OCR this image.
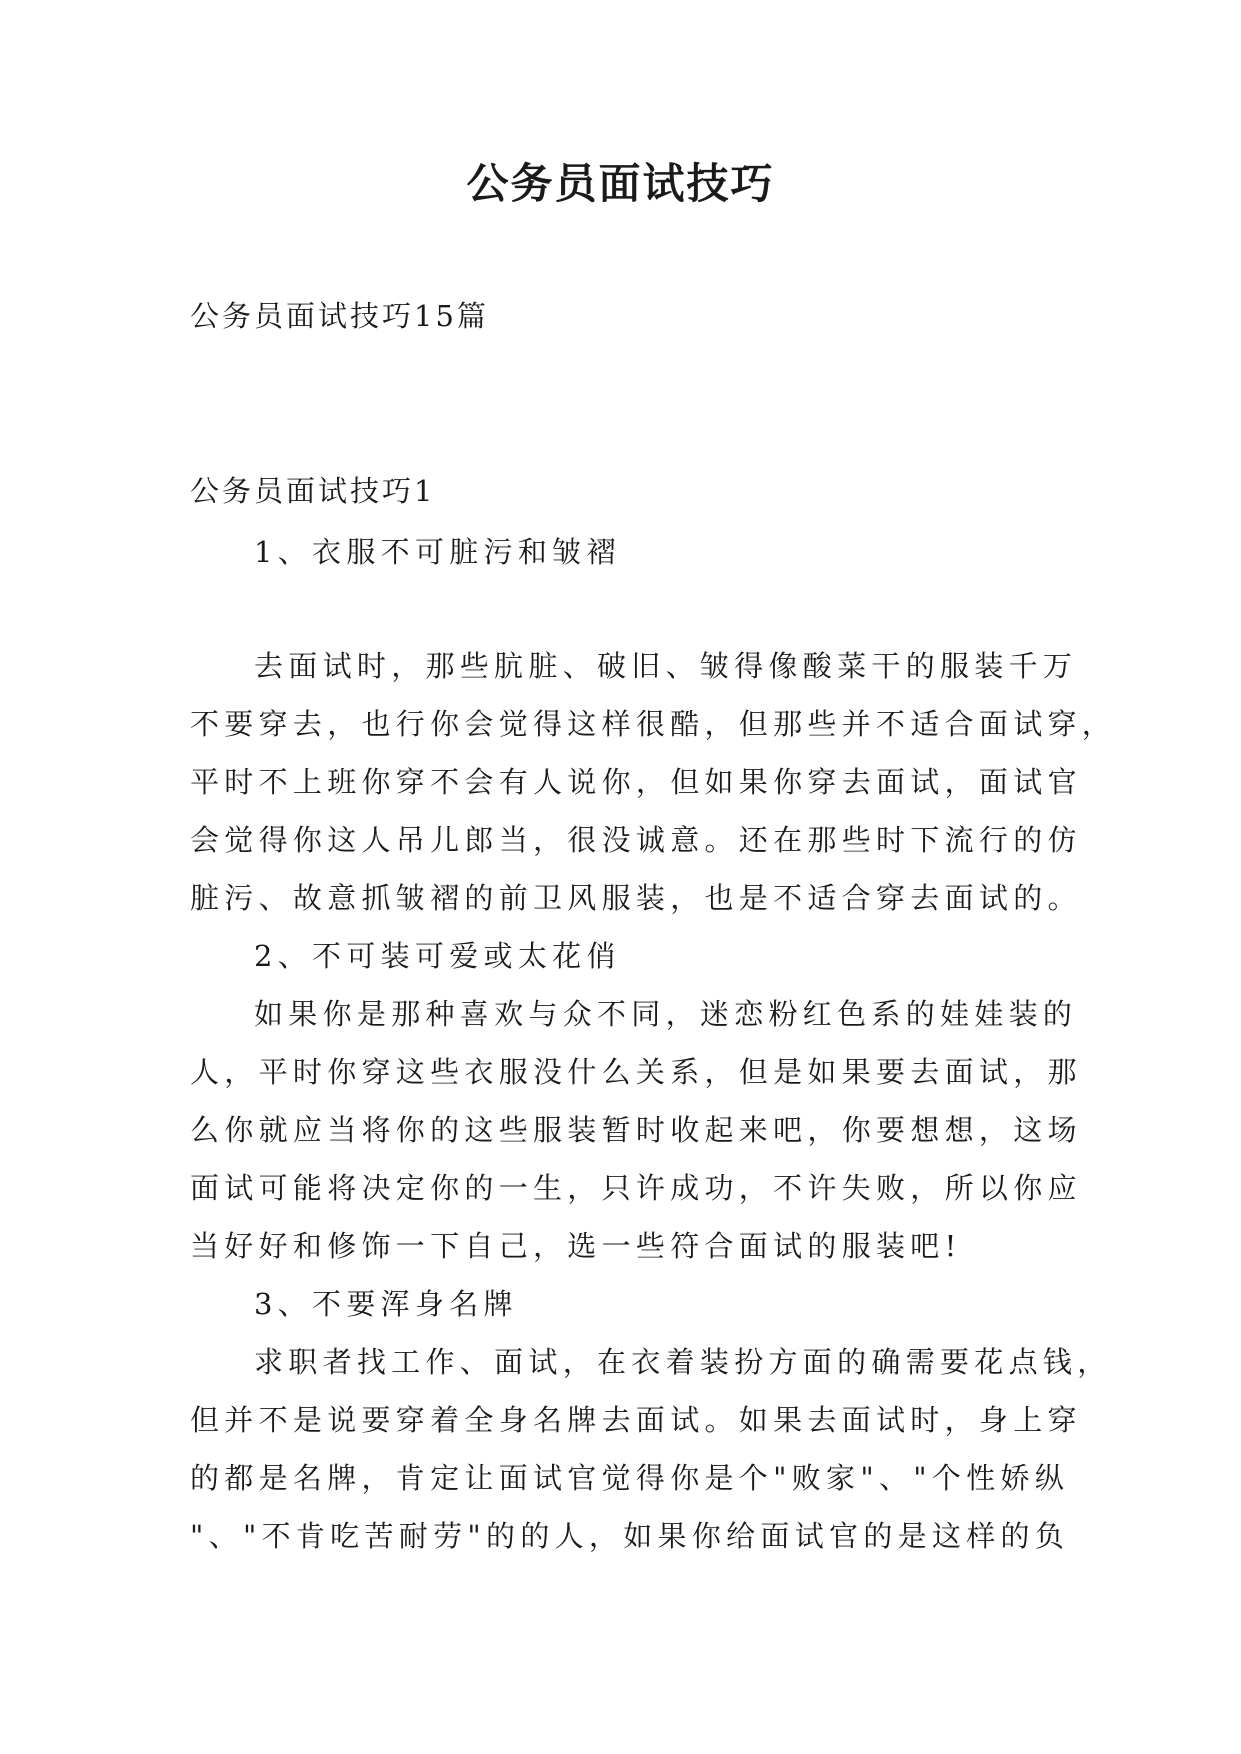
公务员面试技巧
公务员面试技巧15篇
公务员面试技巧1
1、衣服不可脏污和皱褶
去面试时，那些肮脏、破旧、皱得像酸菜干的服装千万
不要穿去，也行你会觉得这样很酷，但那些并不适合面试穿，
平时不上班你穿不会有人说你，但如果你穿去面试，面试官
会觉得你这人吊儿郎当，很没诚意。还在那些时下流行的仿
脏污、故意抓皱褶的前卫风服装，也是不适合穿去面试的。
2、不可装可爱或太花俏
如果你是那种喜欢与众不同，迷恋粉红色系的娃娃装的
人，平时你穿这些衣服没什么关系，但是如果要去面试，那
么你就应当将你的这些服装暂时收起来吧，你要想想，这场
面试可能将决定你的一生，只许成功，不许失败，所以你应
当好好和修饰一下自己，选一些符合面试的服装吧!
3、不要浑身名牌
求职者找工作、面试，在衣着装扮方面的确需要花点钱，
但并不是说要穿着全身名牌去面试。如果去面试时，身上穿
的都是名牌，肯定让面试官觉得你是个"败家"、"个性娇纵
"、"不肯吃苦耐劳"的的人，如果你给面试官的是这样的负
